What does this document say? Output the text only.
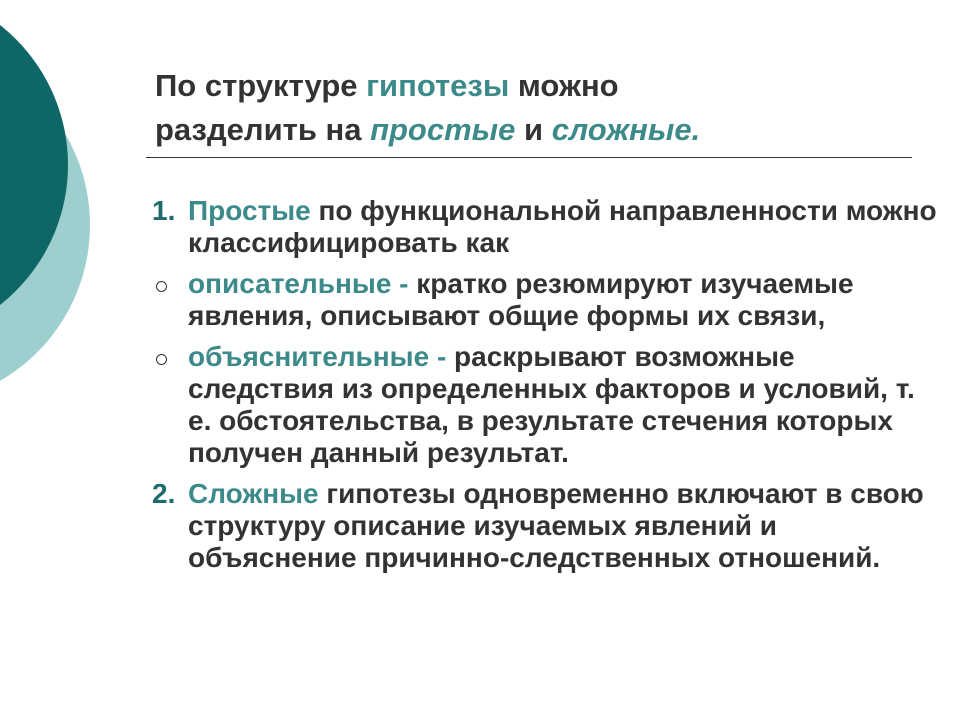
По структуре гипотезы можно
разделить на простые и сложные.
1. Простые по функциональной направленности можно классифицировать как
описательные - кратко резюмируют изучаемые явления, описывают общие формы их связи,
объяснительные - раскрывают возможные следствия из определенных факторов и условий, т. е. обстоятельства, в результате стечения которых получен данный результат.
2. Сложные гипотезы одновременно включают в свою структуру описание изучаемых явлений и объяснение причинно-следственных отношений.
